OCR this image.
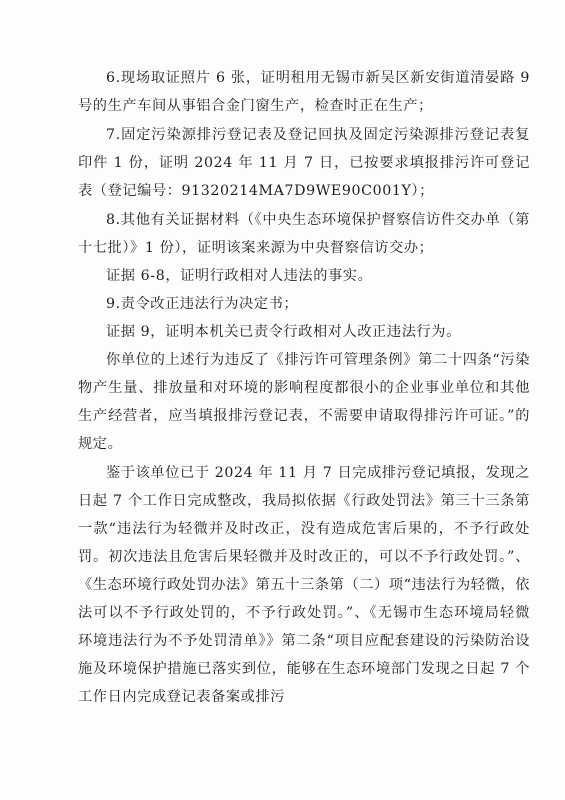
6.现场取证照片 6 张，证明租用无锡市新吴区新安街道清晏路 9 号的生产车间从事铝合金门窗生产，检查时正在生产；

7.固定污染源排污登记表及登记回执及固定污染源排污登记表复印件 1 份，证明 2024 年 11 月 7 日，已按要求填报排污许可登记表（登记编号：91320214MA7D9WE90C001Y）；

8.其他有关证据材料（《中央生态环境保护督察信访件交办单（第十七批）》1 份），证明该案来源为中央督察信访交办；

证据 6-8，证明行政相对人违法的事实。

9.责令改正违法行为决定书；

证据 9，证明本机关已责令行政相对人改正违法行为。

你单位的上述行为违反了《排污许可管理条例》第二十四条“污染物产生量、排放量和对环境的影响程度都很小的企业事业单位和其他生产经营者，应当填报排污登记表，不需要申请取得排污许可证。”的规定。

鉴于该单位已于 2024 年 11 月 7 日完成排污登记填报，发现之日起 7 个工作日完成整改，我局拟依据《行政处罚法》第三十三条第一款“违法行为轻微并及时改正，没有造成危害后果的，不予行政处罚。初次违法且危害后果轻微并及时改正的，可以不予行政处罚。”、《生态环境行政处罚办法》第五十三条第（二）项“违法行为轻微，依法可以不予行政处罚的，不予行政处罚。”、《无锡市生态环境局轻微环境违法行为不予处罚清单》》第二条“项目应配套建设的污染防治设施及环境保护措施已落实到位，能够在生态环境部门发现之日起 7 个工作日内完成登记表备案或排污
